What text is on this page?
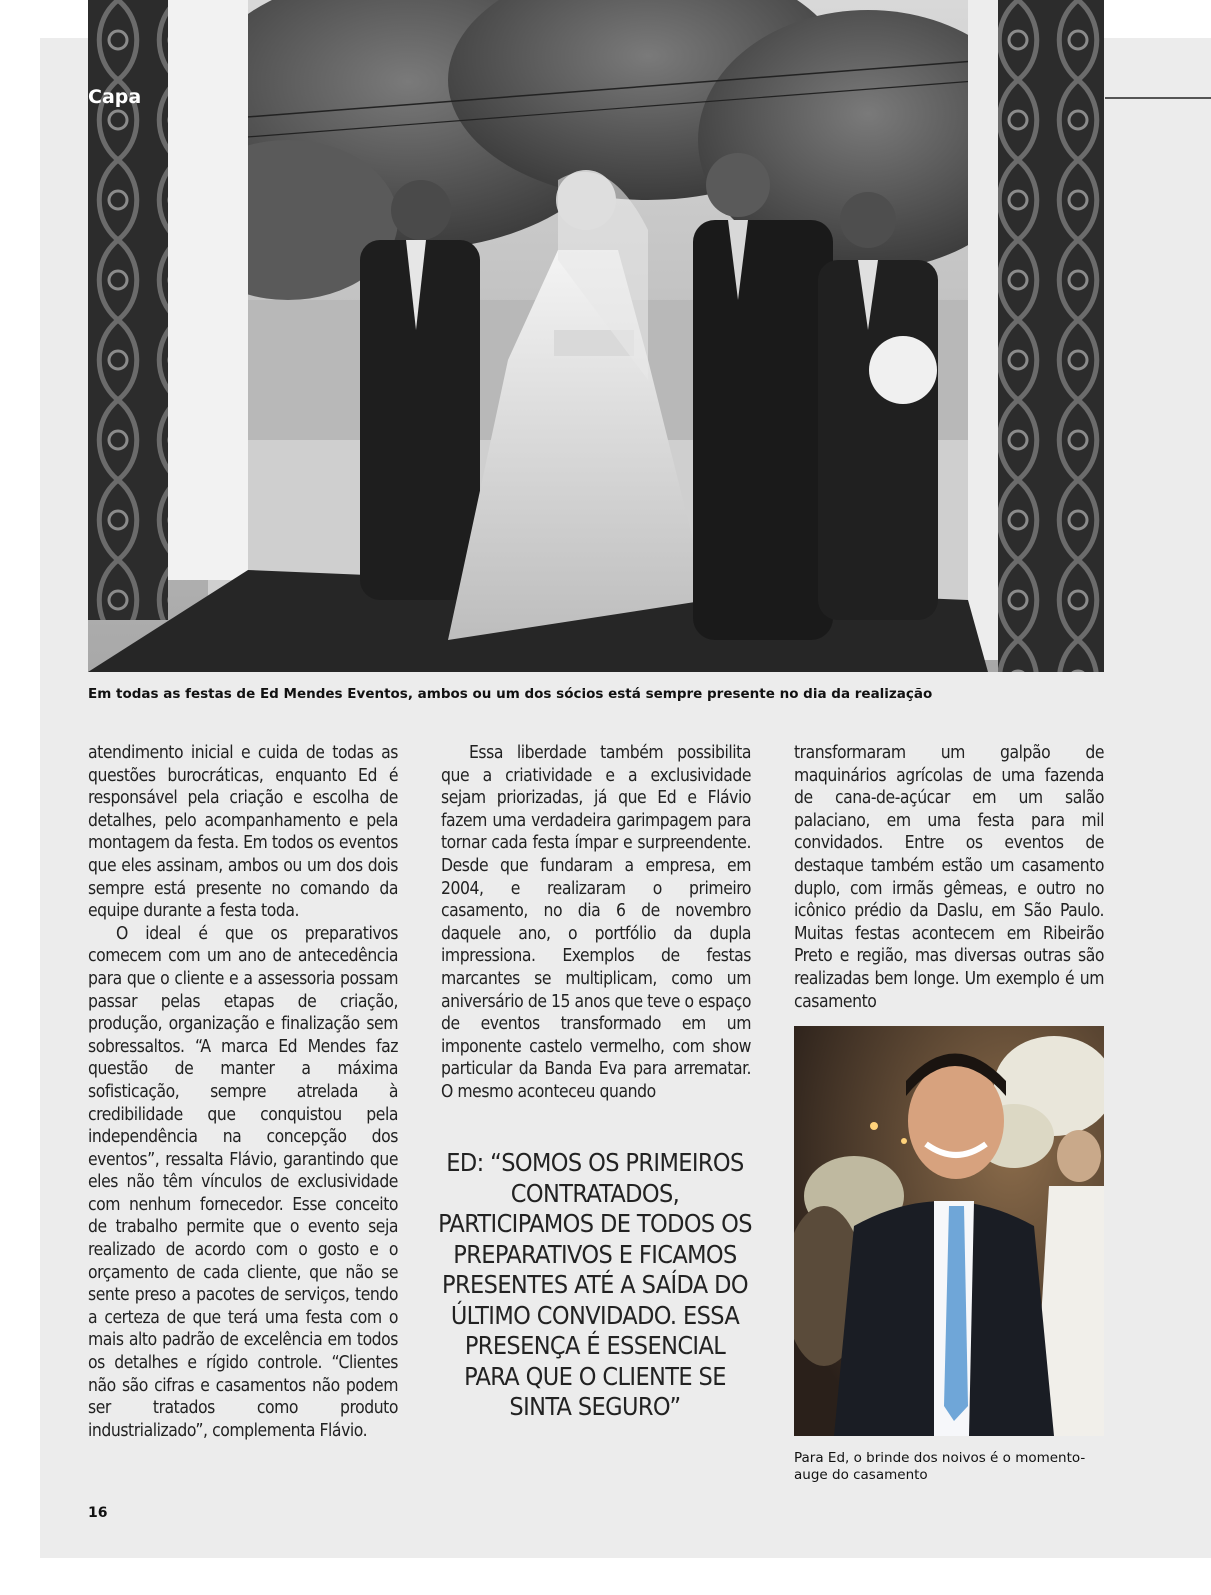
Capa
Em todas as festas de Ed Mendes Eventos, ambos ou um dos sócios está sempre presente no dia da realização

atendimento inicial e cuida de todas as questões burocráticas, enquanto Ed é responsável pela criação e escolha de detalhes, pelo acompanhamento e pela montagem da festa. Em todos os eventos que eles assinam, ambos ou um dos dois sempre está presente no comando da equipe durante a festa toda.

O ideal é que os preparativos comecem com um ano de antecedência para que o cliente e a assessoria possam passar pelas etapas de criação, produção, organização e finalização sem sobressaltos. “A marca Ed Mendes faz questão de manter a máxima sofisticação, sempre atrelada à credibilidade que conquistou pela independência na concepção dos eventos”, ressalta Flávio, garantindo que eles não têm vínculos de exclusividade com nenhum fornecedor. Esse conceito de trabalho permite que o evento seja realizado de acordo com o gosto e o orçamento de cada cliente, que não se sente preso a pacotes de serviços, tendo a certeza de que terá uma festa com o mais alto padrão de excelência em todos os detalhes e rígido controle. “Clientes não são cifras e casamentos não podem ser tratados como produto industrializado”, complementa Flávio.

Essa liberdade também possibilita que a criatividade e a exclusividade sejam priorizadas, já que Ed e Flávio fazem uma verdadeira garimpagem para tornar cada festa ímpar e surpreendente. Desde que fundaram a empresa, em 2004, e realizaram o primeiro casamento, no dia 6 de novembro daquele ano, o portfólio da dupla impressiona. Exemplos de festas marcantes se multiplicam, como um aniversário de 15 anos que teve o espaço de eventos transformado em um imponente castelo vermelho, com show particular da Banda Eva para arrematar. O mesmo aconteceu quando

transformaram um galpão de maquinários agrícolas de uma fazenda de cana-de-açúcar em um salão palaciano, em uma festa para mil convidados. Entre os eventos de destaque também estão um casamento duplo, com irmãs gêmeas, e outro no icônico prédio da Daslu, em São Paulo. Muitas festas acontecem em Ribeirão Preto e região, mas diversas outras são realizadas bem longe. Um exemplo é um casamento

ED: “SOMOS OS PRIMEIROS CONTRATADOS, PARTICIPAMOS DE TODOS OS PREPARATIVOS E FICAMOS PRESENTES ATÉ A SAÍDA DO ÚLTIMO CONVIDADO. ESSA PRESENÇA É ESSENCIAL PARA QUE O CLIENTE SE SINTA SEGURO”
Para Ed, o brinde dos noivos é o momento-auge do casamento
16
